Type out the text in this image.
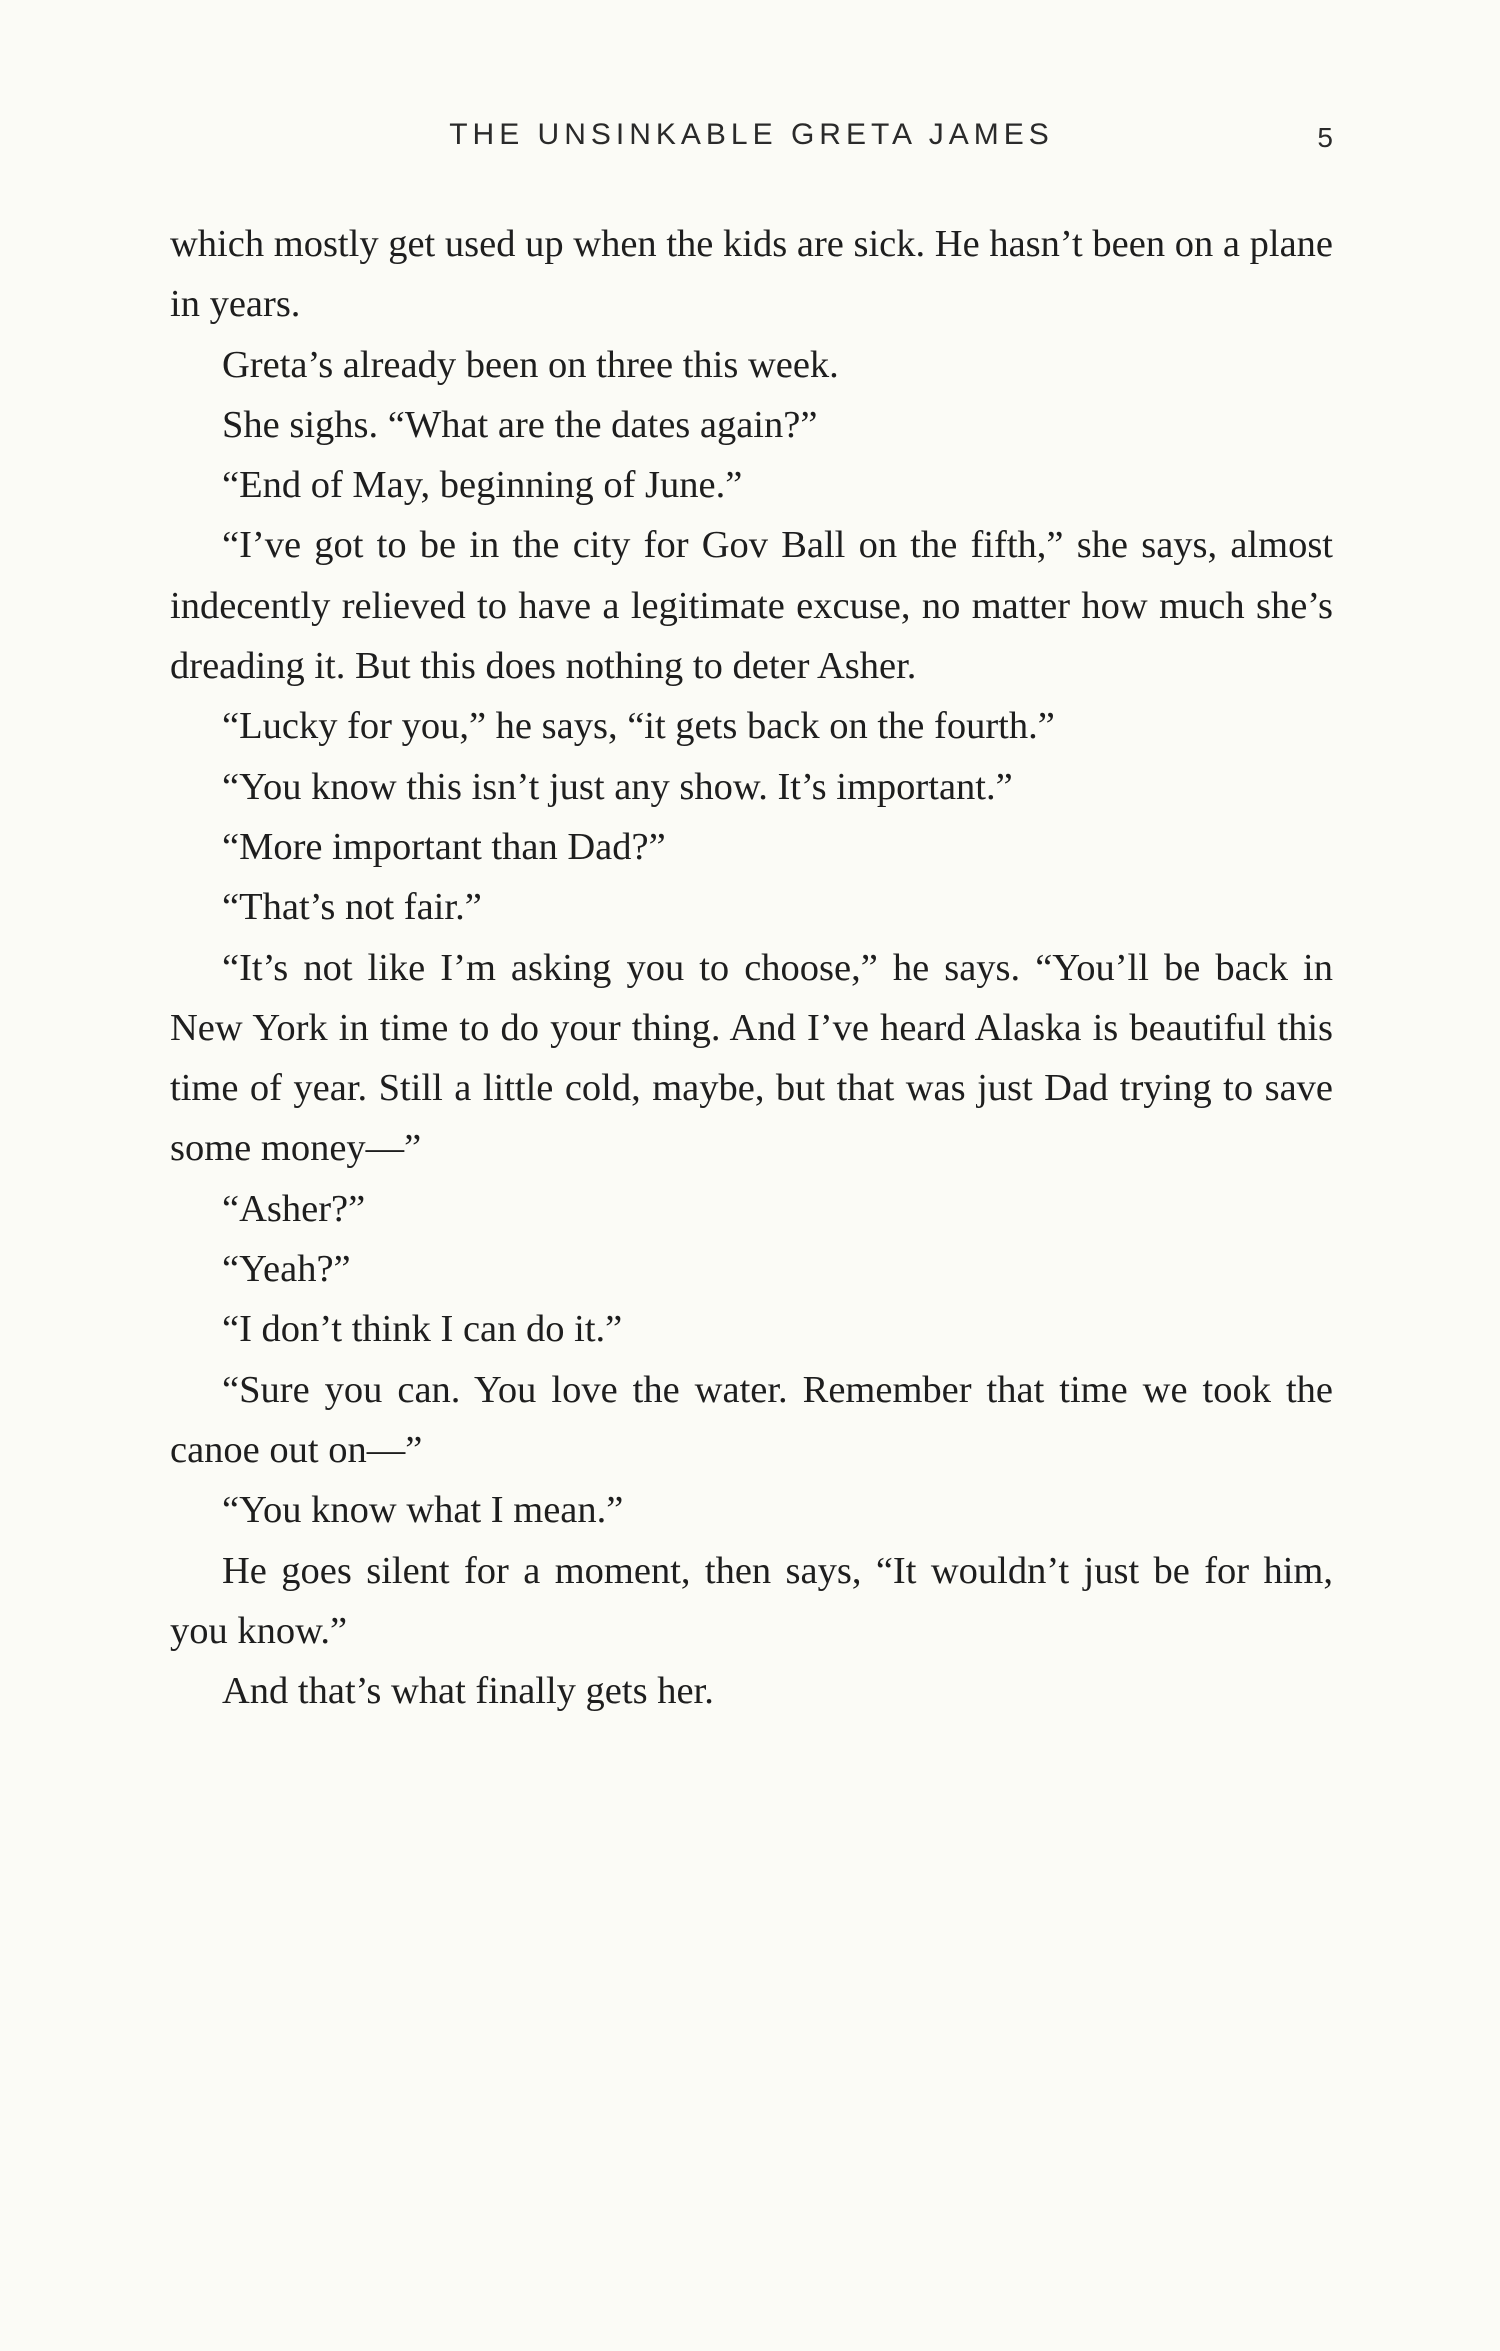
THE UNSINKABLE GRETA JAMES	5

which mostly get used up when the kids are sick. He hasn’t been on a plane in years.

Greta’s already been on three this week.

She sighs. “What are the dates again?”

“End of May, beginning of June.”

“I’ve got to be in the city for Gov Ball on the fifth,” she says, almost indecently relieved to have a legitimate excuse, no matter how much she’s dreading it. But this does nothing to deter Asher.

“Lucky for you,” he says, “it gets back on the fourth.”

“You know this isn’t just any show. It’s important.”

“More important than Dad?”

“That’s not fair.”

“It’s not like I’m asking you to choose,” he says. “You’ll be back in New York in time to do your thing. And I’ve heard Alaska is beautiful this time of year. Still a little cold, maybe, but that was just Dad trying to save some money—”

“Asher?”

“Yeah?”

“I don’t think I can do it.”

“Sure you can. You love the water. Remember that time we took the canoe out on—”

“You know what I mean.”

He goes silent for a moment, then says, “It wouldn’t just be for him, you know.”

And that’s what finally gets her.
